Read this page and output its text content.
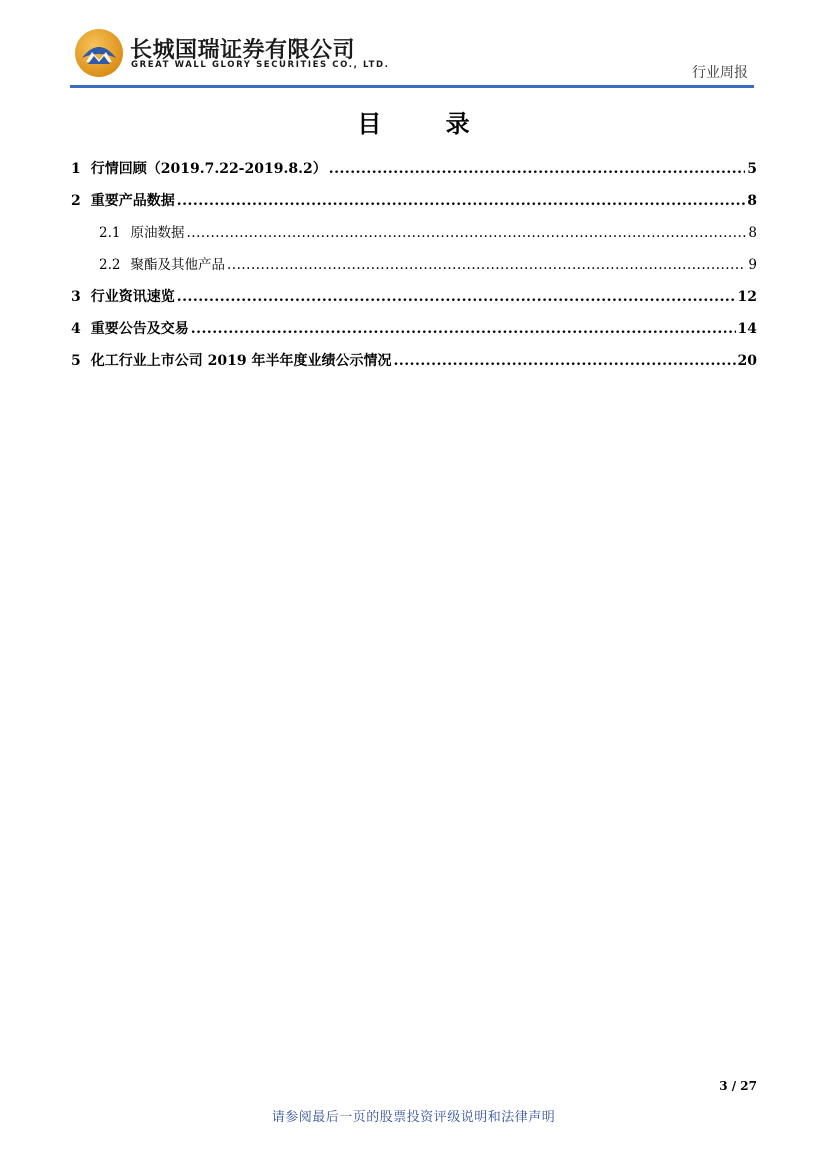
长城国瑞证券有限公司
GREAT WALL GLORY SECURITIES CO., LTD.	行业周报
目 录
1 行情回顾（2019.7.22-2019.8.2） .....	5
2 重要产品数据 .....	8
2.1 原油数据 .....	8
2.2 聚酯及其他产品 .....	9
3 行业资讯速览 .....	12
4 重要公告及交易 .....	14
5 化工行业上市公司 2019 年半年度业绩公示情况 .....	20
3 / 27
请参阅最后一页的股票投资评级说明和法律声明
